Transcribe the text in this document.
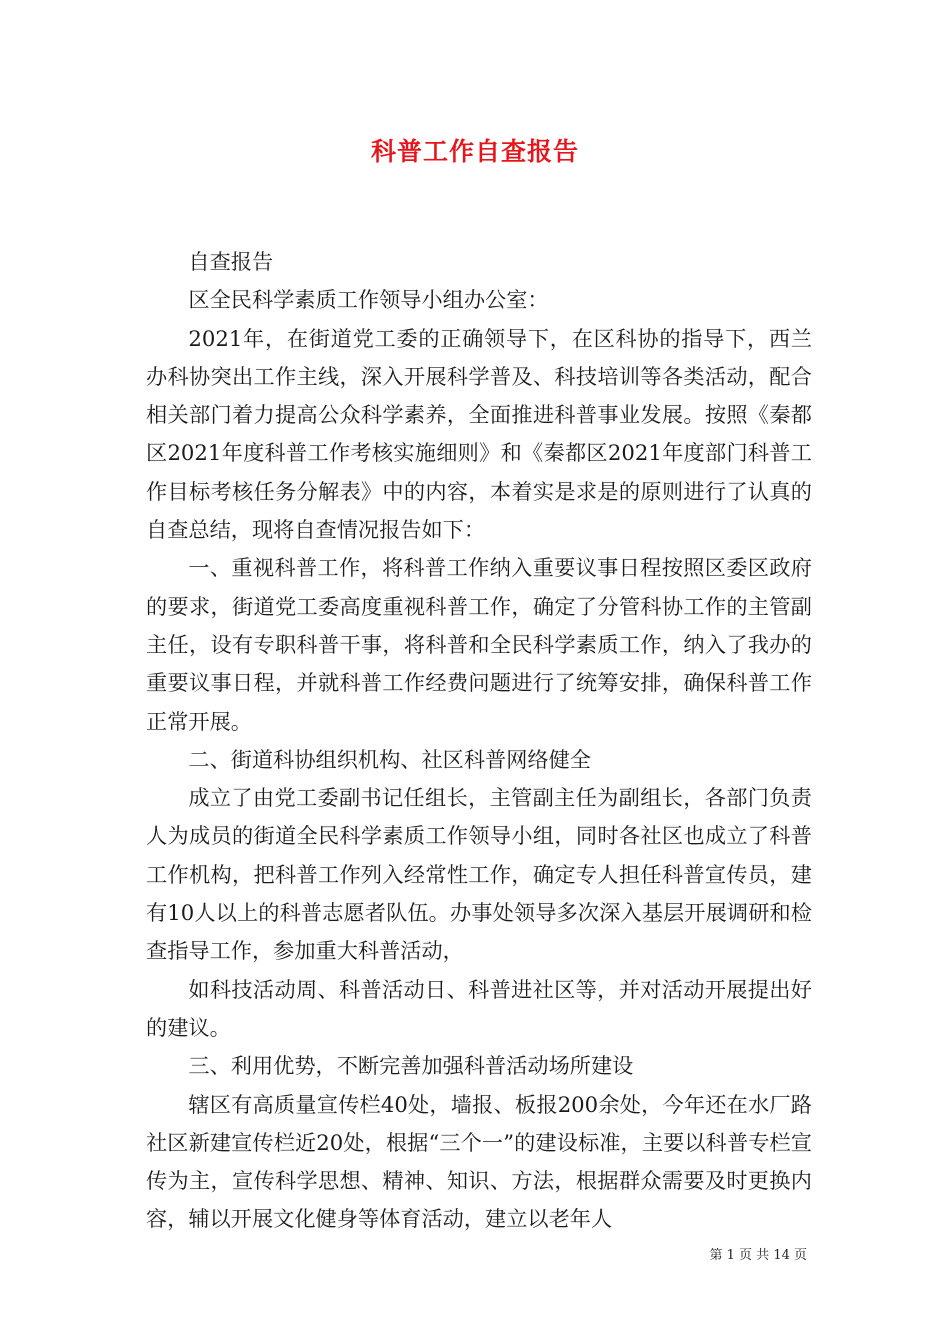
科普工作自查报告

自查报告

区全民科学素质工作领导小组办公室：

2021年，在街道党工委的正确领导下，在区科协的指导下，西兰办科协突出工作主线，深入开展科学普及、科技培训等各类活动，配合相关部门着力提高公众科学素养，全面推进科普事业发展。按照《秦都区2021年度科普工作考核实施细则》和《秦都区2021年度部门科普工作目标考核任务分解表》中的内容，本着实是求是的原则进行了认真的自查总结，现将自查情况报告如下：

一、重视科普工作，将科普工作纳入重要议事日程按照区委区政府的要求，街道党工委高度重视科普工作，确定了分管科协工作的主管副主任，设有专职科普干事，将科普和全民科学素质工作，纳入了我办的重要议事日程，并就科普工作经费问题进行了统筹安排，确保科普工作正常开展。

二、街道科协组织机构、社区科普网络健全

成立了由党工委副书记任组长，主管副主任为副组长，各部门负责人为成员的街道全民科学素质工作领导小组，同时各社区也成立了科普工作机构，把科普工作列入经常性工作，确定专人担任科普宣传员，建有10人以上的科普志愿者队伍。办事处领导多次深入基层开展调研和检查指导工作，参加重大科普活动，

如科技活动周、科普活动日、科普进社区等，并对活动开展提出好的建议。

三、利用优势，不断完善加强科普活动场所建设

辖区有高质量宣传栏40处，墙报、板报200余处，今年还在水厂路社区新建宣传栏近20处，根据“三个一”的建设标准，主要以科普专栏宣传为主，宣传科学思想、精神、知识、方法，根据群众需要及时更换内容，辅以开展文化健身等体育活动，建立以老年人

第 1 页 共 14 页
